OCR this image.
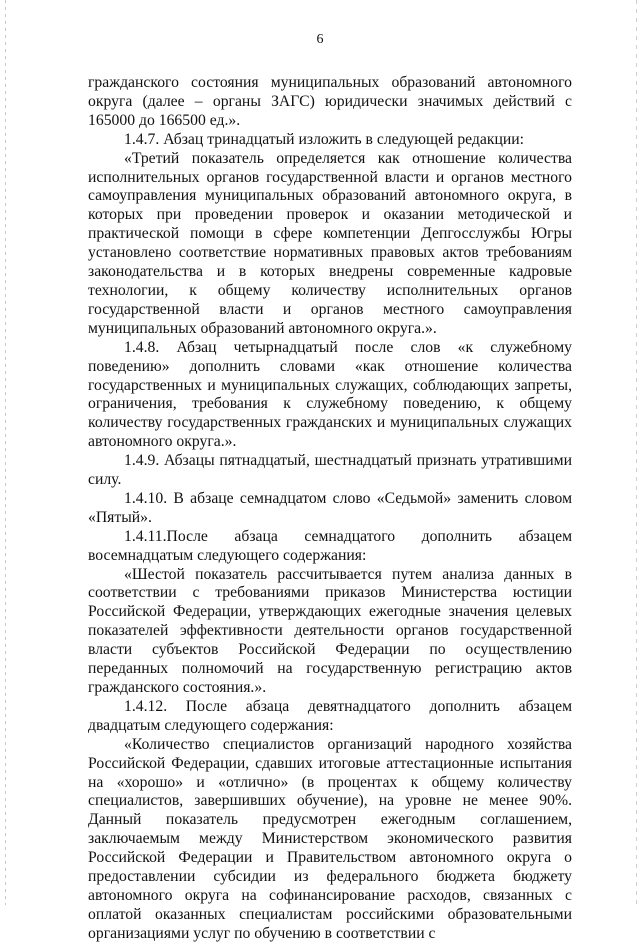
6

гражданского состояния муниципальных образований автономного округа (далее – органы ЗАГС) юридически значимых действий с 165000 до 166500 ед.».

1.4.7. Абзац тринадцатый изложить в следующей редакции:

«Третий показатель определяется как отношение количества исполнительных органов государственной власти и органов местного самоуправления муниципальных образований автономного округа, в которых при проведении проверок и оказании методической и практической помощи в сфере компетенции Депгосслужбы Югры установлено соответствие нормативных правовых актов требованиям законодательства и в которых внедрены современные кадровые технологии, к общему количеству исполнительных органов государственной власти и органов местного самоуправления муниципальных образований автономного округа.».

1.4.8. Абзац четырнадцатый после слов «к служебному поведению» дополнить словами «как отношение количества государственных и муниципальных служащих, соблюдающих запреты, ограничения, требования к служебному поведению, к общему количеству государственных гражданских и муниципальных служащих автономного округа.».

1.4.9. Абзацы пятнадцатый, шестнадцатый признать утратившими силу.

1.4.10. В абзаце семнадцатом слово «Седьмой» заменить словом «Пятый».

1.4.11.После абзаца семнадцатого дополнить абзацем восемнадцатым следующего содержания:

«Шестой показатель рассчитывается путем анализа данных в соответствии с требованиями приказов Министерства юстиции Российской Федерации, утверждающих ежегодные значения целевых показателей эффективности деятельности органов государственной власти субъектов Российской Федерации по осуществлению переданных полномочий на государственную регистрацию актов гражданского состояния.».

1.4.12. После абзаца девятнадцатого дополнить абзацем двадцатым следующего содержания:

«Количество специалистов организаций народного хозяйства Российской Федерации, сдавших итоговые аттестационные испытания на «хорошо» и «отлично» (в процентах к общему количеству специалистов, завершивших обучение), на уровне не менее 90%. Данный показатель предусмотрен ежегодным соглашением, заключаемым между Министерством экономического развития Российской Федерации и Правительством автономного округа о предоставлении субсидии из федерального бюджета бюджету автономного округа на софинансирование расходов, связанных с оплатой оказанных специалистам российскими образовательными организациями услуг по обучению в соответствии с
